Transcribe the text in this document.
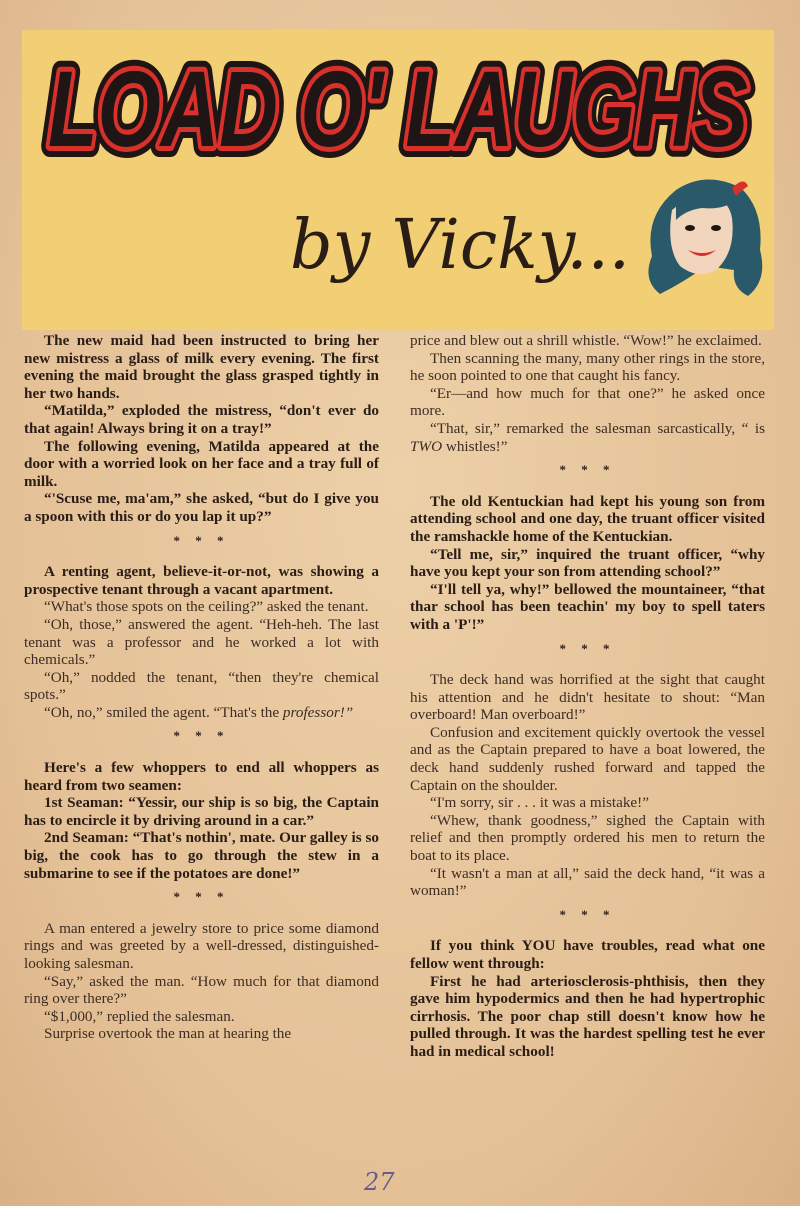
LOAD O' LAUGHS
LOAD O' LAUGHS
LOAD O' LAUGHS
by Vicky...

The new maid had been instructed to bring her new mistress a glass of milk every evening. The first evening the maid brought the glass grasped tightly in her two hands.

“Matilda,” exploded the mistress, “don't ever do that again! Always bring it on a tray!”

The following evening, Matilda appeared at the door with a worried look on her face and a tray full of milk.

“'Scuse me, ma'am,” she asked, “but do I give you a spoon with this or do you lap it up?”

* * *

A renting agent, believe-it-or-not, was showing a prospective tenant through a vacant apartment.

“What's those spots on the ceiling?” asked the tenant.

“Oh, those,” answered the agent. “Heh-heh. The last tenant was a professor and he worked a lot with chemicals.”

“Oh,” nodded the tenant, “then they're chemical spots.”

“Oh, no,” smiled the agent. “That's the professor!”

* * *

Here's a few whoppers to end all whoppers as heard from two seamen:

1st Seaman: “Yessir, our ship is so big, the Captain has to encircle it by driving around in a car.”

2nd Seaman: “That's nothin', mate. Our galley is so big, the cook has to go through the stew in a submarine to see if the potatoes are done!”

* * *

A man entered a jewelry store to price some diamond rings and was greeted by a well-dressed, distinguished-looking salesman.

“Say,” asked the man. “How much for that diamond ring over there?”

“$1,000,” replied the salesman.

Surprise overtook the man at hearing the

price and blew out a shrill whistle. “Wow!” he exclaimed.

Then scanning the many, many other rings in the store, he soon pointed to one that caught his fancy.

“Er—and how much for that one?” he asked once more.

“That, sir,” remarked the salesman sarcastically, “ is TWO whistles!”

* * *

The old Kentuckian had kept his young son from attending school and one day, the truant officer visited the ramshackle home of the Kentuckian.

“Tell me, sir,” inquired the truant officer, “why have you kept your son from attending school?”

“I'll tell ya, why!” bellowed the mountaineer, “that thar school has been teachin' my boy to spell taters with a 'P'!”

* * *

The deck hand was horrified at the sight that caught his attention and he didn't hesitate to shout: “Man overboard! Man overboard!”

Confusion and excitement quickly overtook the vessel and as the Captain prepared to have a boat lowered, the deck hand suddenly rushed forward and tapped the Captain on the shoulder.

“I'm sorry, sir . . . it was a mistake!”

“Whew, thank goodness,” sighed the Captain with relief and then promptly ordered his men to return the boat to its place.

“It wasn't a man at all,” said the deck hand, “it was a woman!”

* * *

If you think YOU have troubles, read what one fellow went through:

First he had arteriosclerosis-phthisis, then they gave him hypodermics and then he had hypertrophic cirrhosis. The poor chap still doesn't know how he pulled through. It was the hardest spelling test he ever had in medical school!

27
